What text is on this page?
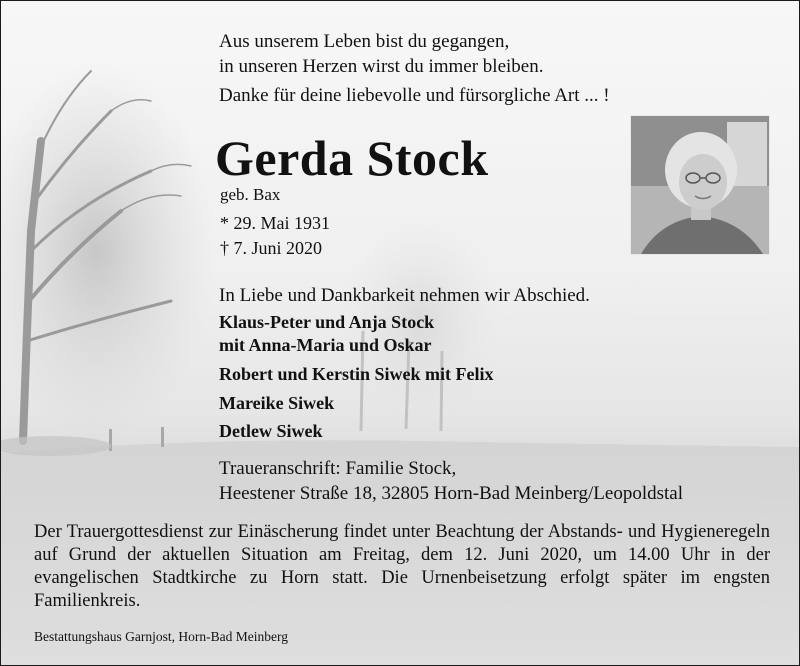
Aus unserem Leben bist du gegangen,
in unseren Herzen wirst du immer bleiben.
Danke für deine liebevolle und fürsorgliche Art ... !
Gerda Stock
geb. Bax
* 29. Mai 1931
† 7. Juni 2020
In Liebe und Dankbarkeit nehmen wir Abschied.
Klaus-Peter und Anja Stock
mit Anna-Maria und Oskar
Robert und Kerstin Siwek mit Felix
Mareike Siwek
Detlew Siwek
Traueranschrift: Familie Stock,
Heestener Straße 18, 32805 Horn-Bad Meinberg/Leopoldstal
Der Trauergottesdienst zur Einäscherung findet unter Beachtung der Abstands- und Hygieneregeln auf Grund der aktuellen Situation am Freitag, dem 12. Juni 2020, um 14.00 Uhr in der evangelischen Stadtkirche zu Horn statt. Die Urnenbeisetzung erfolgt später im engsten Familienkreis.
Bestattungshaus Garnjost, Horn-Bad Meinberg
